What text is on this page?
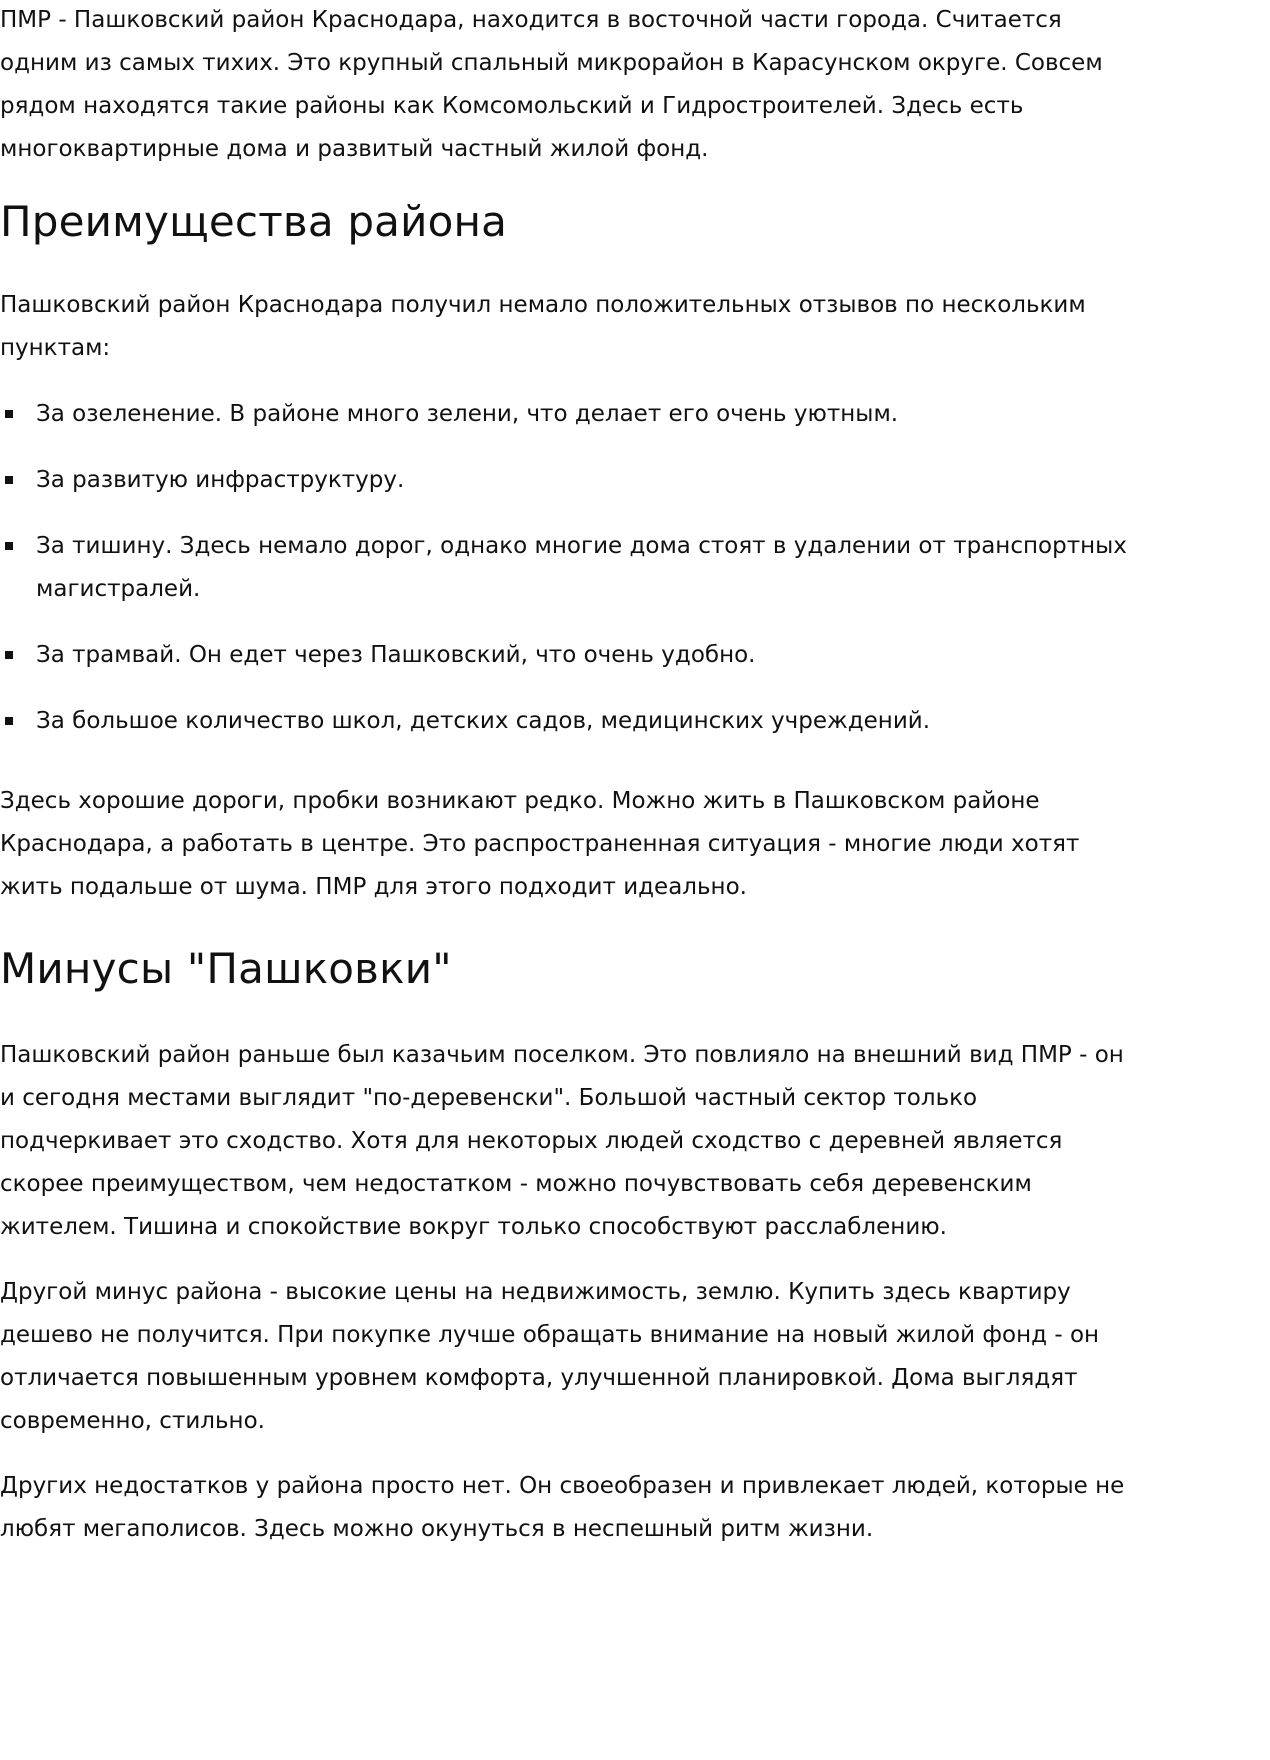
ПМР - Пашковский район Краснодара, находится в восточной части города. Считается одним из самых тихих. Это крупный спальный микрорайон в Карасунском округе. Совсем рядом находятся такие районы как Комсомольский и Гидростроителей. Здесь есть многоквартирные дома и развитый частный жилой фонд.

Преимущества района

Пашковский район Краснодара получил немало положительных отзывов по нескольким пунктам:

За озеленение. В районе много зелени, что делает его очень уютным.
За развитую инфраструктуру.
За тишину. Здесь немало дорог, однако многие дома стоят в удалении от транспортных магистралей.
За трамвай. Он едет через Пашковский, что очень удобно.
За большое количество школ, детских садов, медицинских учреждений.

Здесь хорошие дороги, пробки возникают редко. Можно жить в Пашковском районе Краснодара, а работать в центре. Это распространенная ситуация - многие люди хотят жить подальше от шума. ПМР для этого подходит идеально.

Минусы "Пашковки"

Пашковский район раньше был казачьим поселком. Это повлияло на внешний вид ПМР - он и сегодня местами выглядит "по-деревенски". Большой частный сектор только подчеркивает это сходство. Хотя для некоторых людей сходство с деревней является скорее преимуществом, чем недостатком - можно почувствовать себя деревенским жителем. Тишина и спокойствие вокруг только способствуют расслаблению.

Другой минус района - высокие цены на недвижимость, землю. Купить здесь квартиру дешево не получится. При покупке лучше обращать внимание на новый жилой фонд - он отличается повышенным уровнем комфорта, улучшенной планировкой. Дома выглядят современно, стильно.

Других недостатков у района просто нет. Он своеобразен и привлекает людей, которые не любят мегаполисов. Здесь можно окунуться в неспешный ритм жизни.
